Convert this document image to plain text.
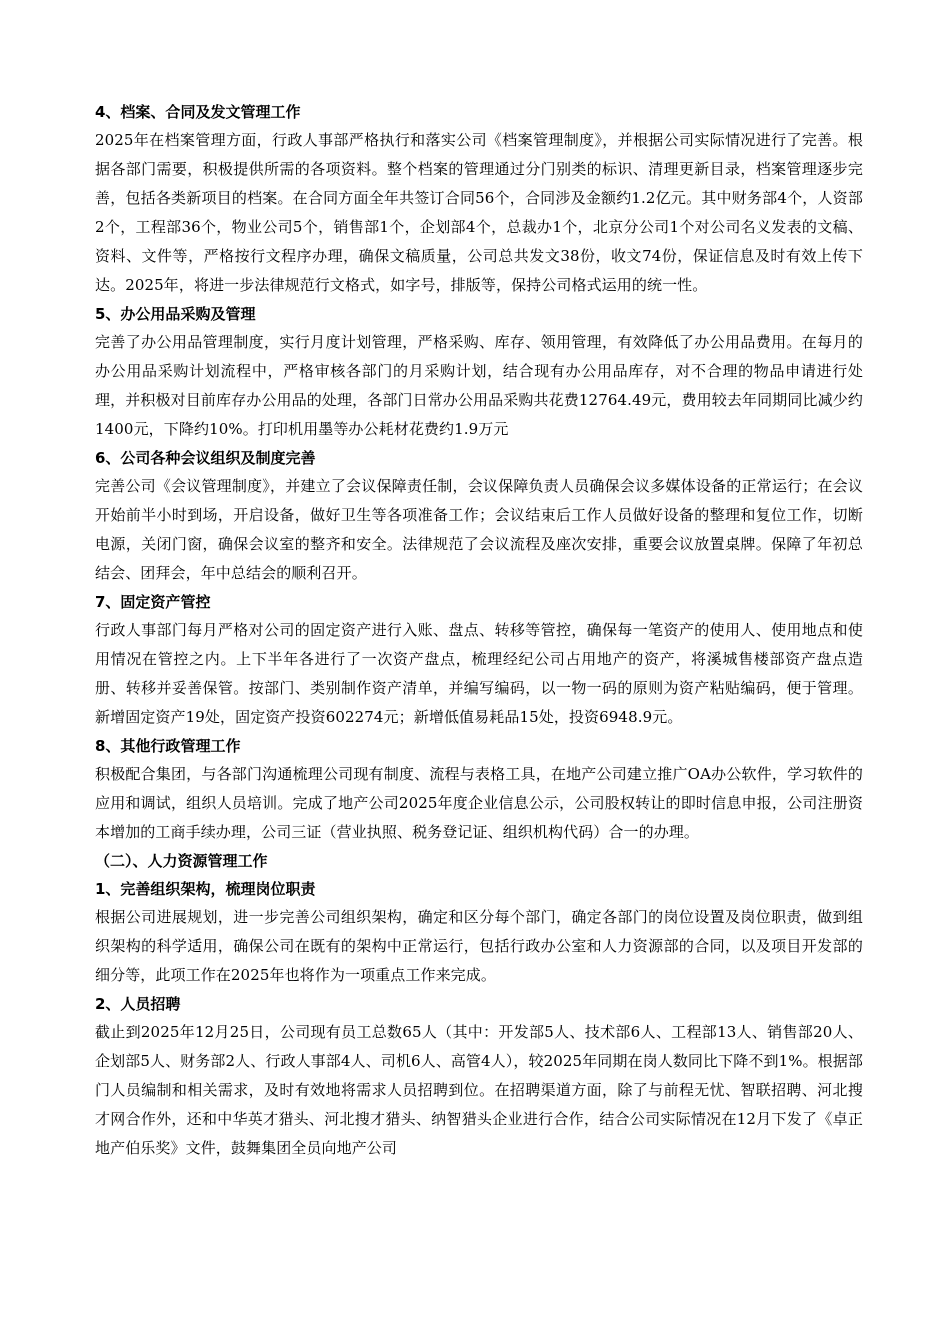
4、档案、合同及发文管理工作

2025年在档案管理方面，行政人事部严格执行和落实公司《档案管理制度》，并根据公司实际情况进行了完善。根据各部门需要，积极提供所需的各项资料。整个档案的管理通过分门别类的标识、清理更新目录，档案管理逐步完善，包括各类新项目的档案。在合同方面全年共签订合同56个，合同涉及金额约1.2亿元。其中财务部4个，人资部2个，工程部36个，物业公司5个，销售部1个，企划部4个，总裁办1个，北京分公司1个对公司名义发表的文稿、资料、文件等，严格按行文程序办理，确保文稿质量，公司总共发文38份，收文74份，保证信息及时有效上传下达。2025年，将进一步法律规范行文格式，如字号，排版等，保持公司格式运用的统一性。

5、办公用品采购及管理

完善了办公用品管理制度，实行月度计划管理，严格采购、库存、领用管理，有效降低了办公用品费用。在每月的办公用品采购计划流程中，严格审核各部门的月采购计划，结合现有办公用品库存，对不合理的物品申请进行处理，并积极对目前库存办公用品的处理，各部门日常办公用品采购共花费12764.49元，费用较去年同期同比减少约1400元，下降约10%。打印机用墨等办公耗材花费约1.9万元

6、公司各种会议组织及制度完善

完善公司《会议管理制度》，并建立了会议保障责任制，会议保障负责人员确保会议多媒体设备的正常运行；在会议开始前半小时到场，开启设备，做好卫生等各项准备工作；会议结束后工作人员做好设备的整理和复位工作，切断电源，关闭门窗，确保会议室的整齐和安全。法律规范了会议流程及座次安排，重要会议放置桌牌。保障了年初总结会、团拜会，年中总结会的顺利召开。

7、固定资产管控

行政人事部门每月严格对公司的固定资产进行入账、盘点、转移等管控，确保每一笔资产的使用人、使用地点和使用情况在管控之内。上下半年各进行了一次资产盘点，梳理经纪公司占用地产的资产，将溪城售楼部资产盘点造册、转移并妥善保管。按部门、类别制作资产清单，并编写编码，以一物一码的原则为资产粘贴编码，便于管理。新增固定资产19处，固定资产投资602274元；新增低值易耗品15处，投资6948.9元。

8、其他行政管理工作

积极配合集团，与各部门沟通梳理公司现有制度、流程与表格工具，在地产公司建立推广OA办公软件，学习软件的应用和调试，组织人员培训。完成了地产公司2025年度企业信息公示，公司股权转让的即时信息申报，公司注册资本增加的工商手续办理，公司三证（营业执照、税务登记证、组织机构代码）合一的办理。

（二）、人力资源管理工作

1、完善组织架构，梳理岗位职责

根据公司进展规划，进一步完善公司组织架构，确定和区分每个部门，确定各部门的岗位设置及岗位职责，做到组织架构的科学适用，确保公司在既有的架构中正常运行，包括行政办公室和人力资源部的合同，以及项目开发部的细分等，此项工作在2025年也将作为一项重点工作来完成。

2、人员招聘

截止到2025年12月25日，公司现有员工总数65人（其中：开发部5人、技术部6人、工程部13人、销售部20人、企划部5人、财务部2人、行政人事部4人、司机6人、高管4人），较2025年同期在岗人数同比下降不到1%。根据部门人员编制和相关需求，及时有效地将需求人员招聘到位。在招聘渠道方面，除了与前程无忧、智联招聘、河北搜才网合作外，还和中华英才猎头、河北搜才猎头、纳智猎头企业进行合作，结合公司实际情况在12月下发了《卓正地产伯乐奖》文件，鼓舞集团全员向地产公司
